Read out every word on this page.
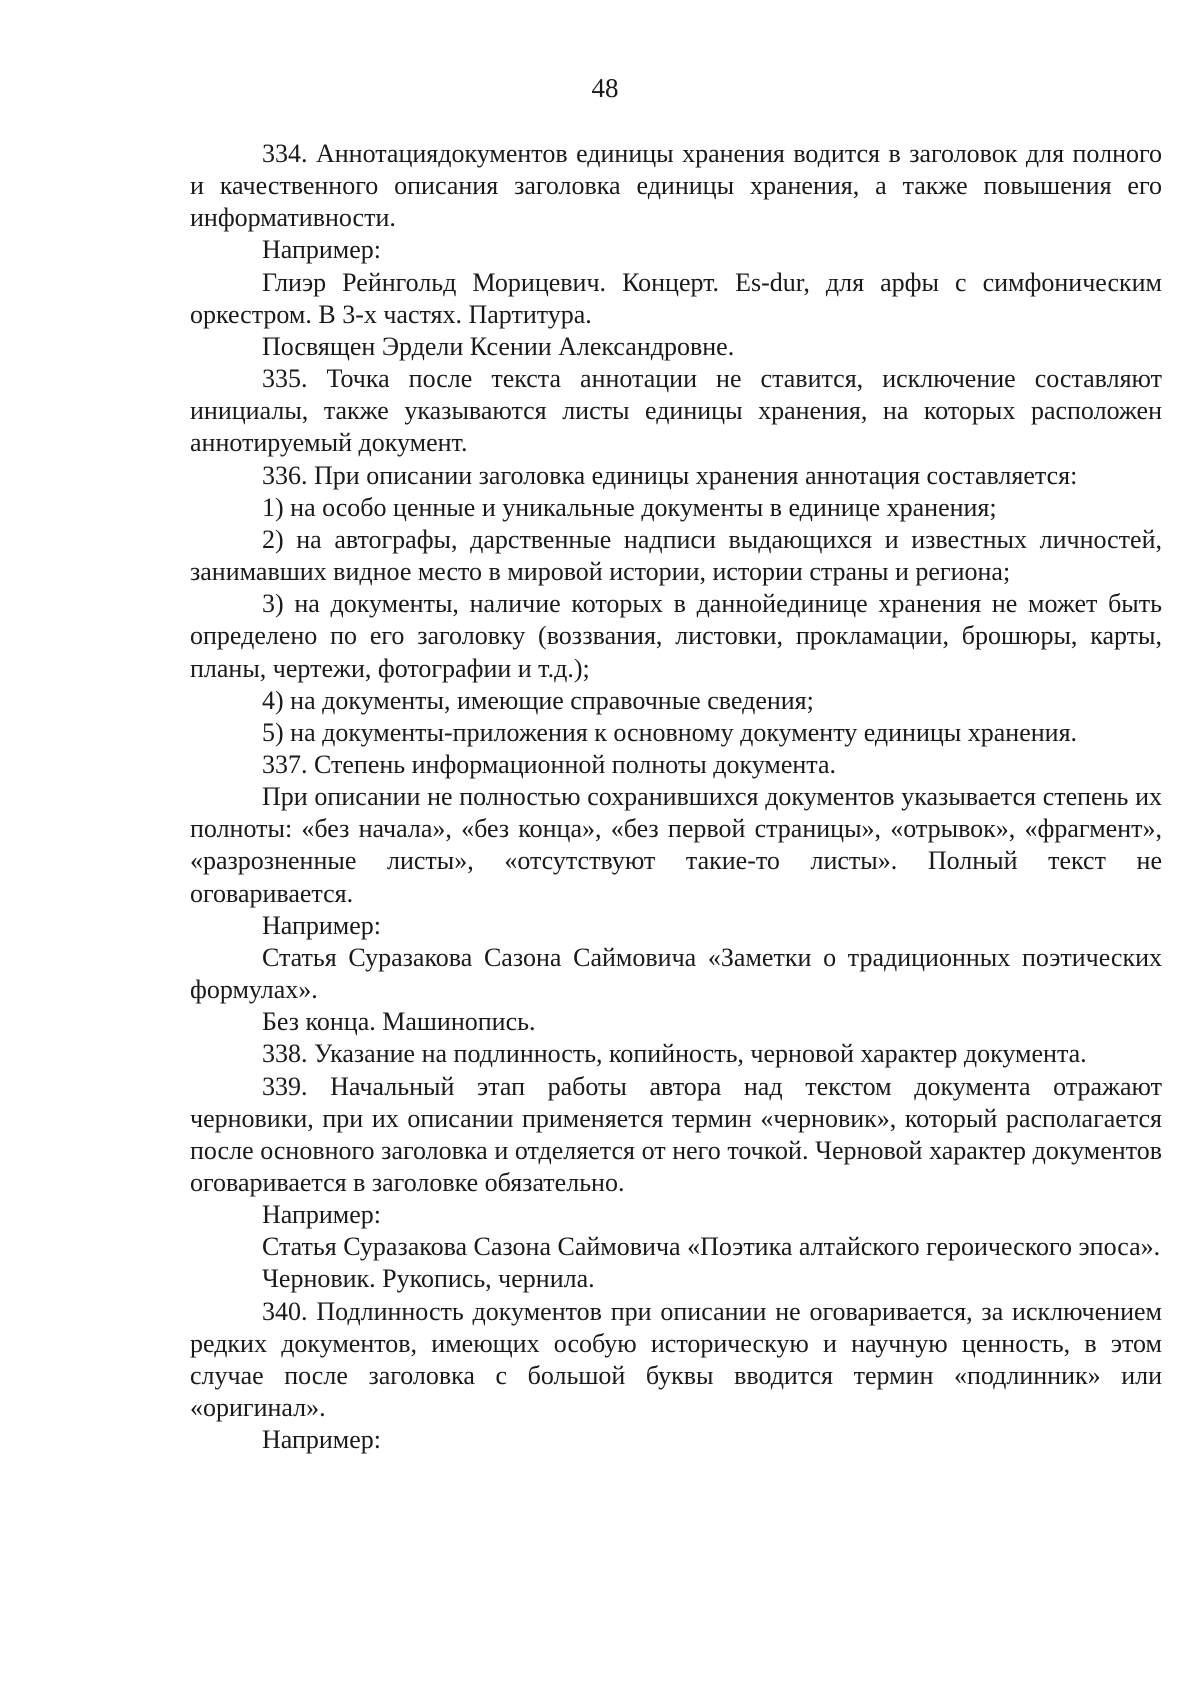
48

334. Аннотациядокументов единицы хранения водится в заголовок для полного и качественного описания заголовка единицы хранения, а также повышения его информативности.

Например:

Глиэр Рейнгольд Морицевич. Концерт. Es-dur, для арфы с симфоническим оркестром. В 3-х частях. Партитура.

Посвящен Эрдели Ксении Александровне.

335. Точка после текста аннотации не ставится, исключение составляют инициалы, также указываются листы единицы хранения, на которых расположен аннотируемый документ.

336. При описании заголовка единицы хранения аннотация составляется:

1) на особо ценные и уникальные документы в единице хранения;

2) на автографы, дарственные надписи выдающихся и известных личностей, занимавших видное место в мировой истории, истории страны и региона;

3) на документы, наличие которых в даннойединице хранения не может быть определено по его заголовку (воззвания, листовки, прокламации, брошюры, карты, планы, чертежи, фотографии и т.д.);

4) на документы, имеющие справочные сведения;

5) на документы-приложения к основному документу единицы хранения.

337. Степень информационной полноты документа.

При описании не полностью сохранившихся документов указывается степень их полноты: «без начала», «без конца», «без первой страницы», «отрывок», «фрагмент», «разрозненные листы», «отсутствуют такие-то листы». Полный текст не оговаривается.

Например:

Статья Суразакова Сазона Саймовича «Заметки о традиционных поэтических формулах».

Без конца. Машинопись.

338. Указание на подлинность, копийность, черновой характер документа.

339. Начальный этап работы автора над текстом документа отражают черновики, при их описании применяется термин «черновик», который располагается после основного заголовка и отделяется от него точкой. Черновой характер документов оговаривается в заголовке обязательно.

Например:

Статья Суразакова Сазона Саймовича «Поэтика алтайского героического эпоса».

Черновик. Рукопись, чернила.

340. Подлинность документов при описании не оговаривается, за исключением редких документов, имеющих особую историческую и научную ценность, в этом случае после заголовка с большой буквы вводится термин «подлинник» или «оригинал».

Например:
